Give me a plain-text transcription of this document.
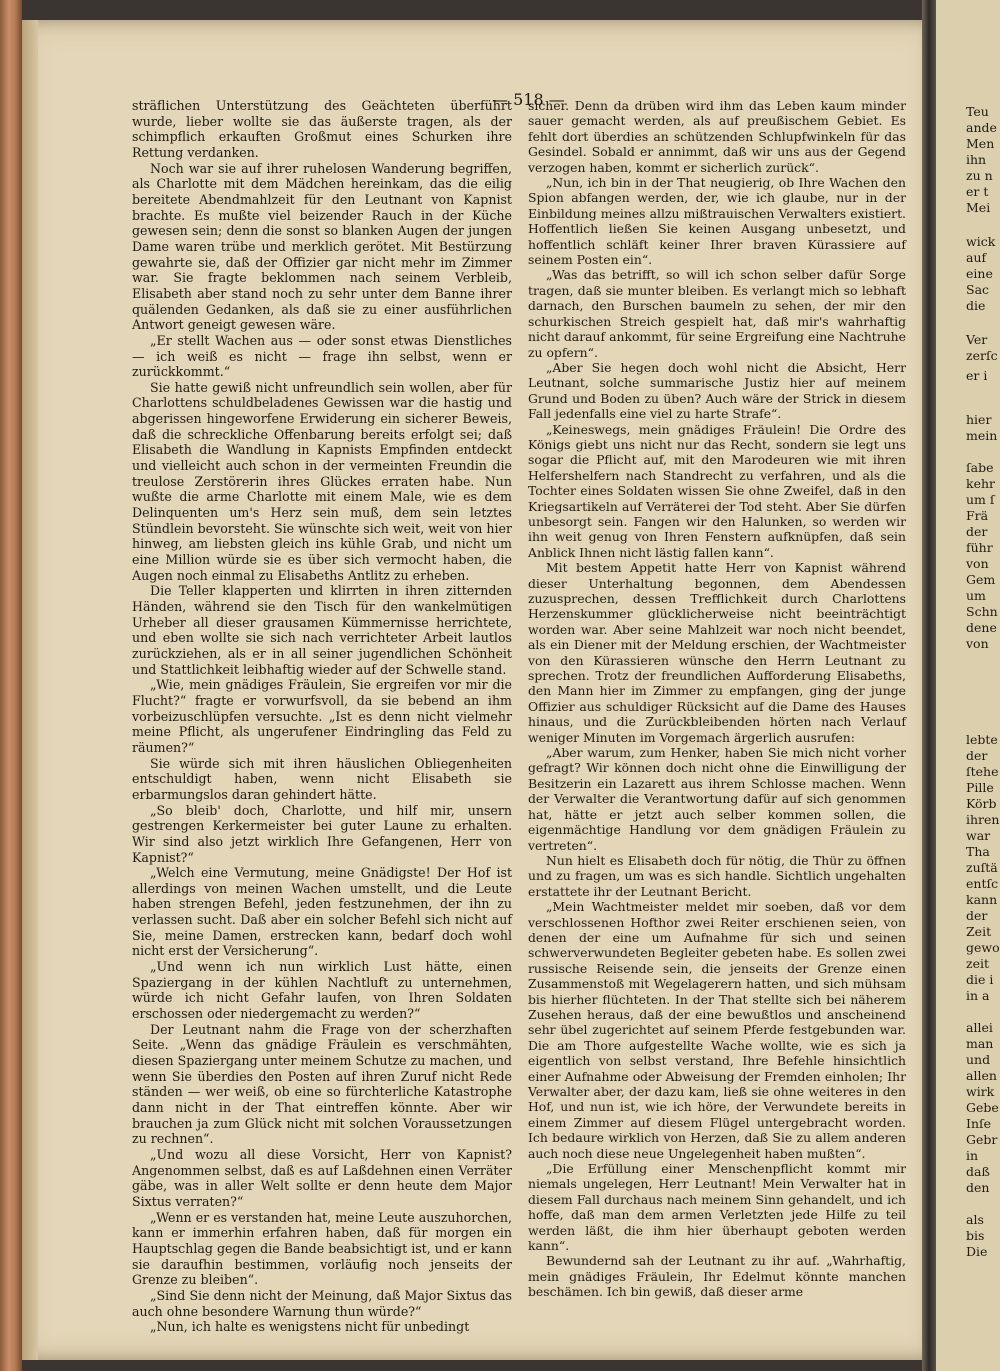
— 518 —

sträflichen Unterstützung des Geächteten überführt wurde, lieber wollte sie das äußerste tragen, als der schimpflich erkauften Großmut eines Schurken ihre Rettung verdanken.

Noch war sie auf ihrer ruhelosen Wanderung begriffen, als Charlotte mit dem Mädchen hereinkam, das die eilig bereitete Abendmahlzeit für den Leutnant von Kapnist brachte. Es mußte viel beizender Rauch in der Küche gewesen sein; denn die sonst so blanken Augen der jungen Dame waren trübe und merklich gerötet. Mit Bestürzung gewahrte sie, daß der Offizier gar nicht mehr im Zimmer war. Sie fragte beklommen nach seinem Verbleib, Elisabeth aber stand noch zu sehr unter dem Banne ihrer quälenden Gedanken, als daß sie zu einer ausführlichen Antwort geneigt gewesen wäre.

„Er stellt Wachen aus — oder sonst etwas Dienstliches — ich weiß es nicht — frage ihn selbst, wenn er zurückkommt.“

Sie hatte gewiß nicht unfreundlich sein wollen, aber für Charlottens schuldbeladenes Gewissen war die hastig und abgerissen hingeworfene Erwiderung ein sicherer Beweis, daß die schreckliche Offenbarung bereits erfolgt sei; daß Elisabeth die Wandlung in Kapnists Empfinden entdeckt und vielleicht auch schon in der vermeinten Freundin die treulose Zerstörerin ihres Glückes erraten habe. Nun wußte die arme Charlotte mit einem Male, wie es dem Delinquenten um's Herz sein muß, dem sein letztes Stündlein bevorsteht. Sie wünschte sich weit, weit von hier hinweg, am liebsten gleich ins kühle Grab, und nicht um eine Million würde sie es über sich vermocht haben, die Augen noch einmal zu Elisabeths Antlitz zu erheben.

Die Teller klapperten und klirrten in ihren zitternden Händen, während sie den Tisch für den wankelmütigen Urheber all dieser grausamen Kümmernisse herrichtete, und eben wollte sie sich nach verrichteter Arbeit lautlos zurückziehen, als er in all seiner jugendlichen Schönheit und Stattlichkeit leibhaftig wieder auf der Schwelle stand.

„Wie, mein gnädiges Fräulein, Sie ergreifen vor mir die Flucht?“ fragte er vorwurfsvoll, da sie bebend an ihm vorbeizuschlüpfen versuchte. „Ist es denn nicht vielmehr meine Pflicht, als ungerufener Eindringling das Feld zu räumen?“

Sie würde sich mit ihren häuslichen Obliegenheiten entschuldigt haben, wenn nicht Elisabeth sie erbarmungslos daran gehindert hätte.

„So bleib' doch, Charlotte, und hilf mir, unsern gestrengen Kerkermeister bei guter Laune zu erhalten. Wir sind also jetzt wirklich Ihre Gefangenen, Herr von Kapnist?“

„Welch eine Vermutung, meine Gnädigste! Der Hof ist allerdings von meinen Wachen umstellt, und die Leute haben strengen Befehl, jeden festzunehmen, der ihn zu verlassen sucht. Daß aber ein solcher Befehl sich nicht auf Sie, meine Damen, erstrecken kann, bedarf doch wohl nicht erst der Versicherung“.

„Und wenn ich nun wirklich Lust hätte, einen Spaziergang in der kühlen Nachtluft zu unternehmen, würde ich nicht Gefahr laufen, von Ihren Soldaten erschossen oder niedergemacht zu werden?“

Der Leutnant nahm die Frage von der scherzhaften Seite. „Wenn das gnädige Fräulein es verschmähten, diesen Spaziergang unter meinem Schutze zu machen, und wenn Sie überdies den Posten auf ihren Zuruf nicht Rede ständen — wer weiß, ob eine so fürchterliche Katastrophe dann nicht in der That eintreffen könnte. Aber wir brauchen ja zum Glück nicht mit solchen Voraussetzungen zu rechnen“.

„Und wozu all diese Vorsicht, Herr von Kapnist? Angenommen selbst, daß es auf Laßdehnen einen Verräter gäbe, was in aller Welt sollte er denn heute dem Major Sixtus verraten?“

„Wenn er es verstanden hat, meine Leute auszuhorchen, kann er immerhin erfahren haben, daß für morgen ein Hauptschlag gegen die Bande beabsichtigt ist, und er kann sie daraufhin bestimmen, vorläufig noch jenseits der Grenze zu bleiben“.

„Sind Sie denn nicht der Meinung, daß Major Sixtus das auch ohne besondere Warnung thun würde?“

„Nun, ich halte es wenigstens nicht für unbedingt

sicher. Denn da drüben wird ihm das Leben kaum minder sauer gemacht werden, als auf preußischem Gebiet. Es fehlt dort überdies an schützenden Schlupfwinkeln für das Gesindel. Sobald er annimmt, daß wir uns aus der Gegend verzogen haben, kommt er sicherlich zurück“.

„Nun, ich bin in der That neugierig, ob Ihre Wachen den Spion abfangen werden, der, wie ich glaube, nur in der Einbildung meines allzu mißtrauischen Verwalters existiert. Hoffentlich ließen Sie keinen Ausgang unbesetzt, und hoffentlich schläft keiner Ihrer braven Kürassiere auf seinem Posten ein“.

„Was das betrifft, so will ich schon selber dafür Sorge tragen, daß sie munter bleiben. Es verlangt mich so lebhaft darnach, den Burschen baumeln zu sehen, der mir den schurkischen Streich gespielt hat, daß mir's wahrhaftig nicht darauf ankommt, für seine Ergreifung eine Nachtruhe zu opfern“.

„Aber Sie hegen doch wohl nicht die Absicht, Herr Leutnant, solche summarische Justiz hier auf meinem Grund und Boden zu üben? Auch wäre der Strick in diesem Fall jedenfalls eine viel zu harte Strafe“.

„Keineswegs, mein gnädiges Fräulein! Die Ordre des Königs giebt uns nicht nur das Recht, sondern sie legt uns sogar die Pflicht auf, mit den Marodeuren wie mit ihren Helfershelfern nach Standrecht zu verfahren, und als die Tochter eines Soldaten wissen Sie ohne Zweifel, daß in den Kriegsartikeln auf Verräterei der Tod steht. Aber Sie dürfen unbesorgt sein. Fangen wir den Halunken, so werden wir ihn weit genug von Ihren Fenstern aufknüpfen, daß sein Anblick Ihnen nicht lästig fallen kann“.

Mit bestem Appetit hatte Herr von Kapnist während dieser Unterhaltung begonnen, dem Abendessen zuzusprechen, dessen Trefflichkeit durch Charlottens Herzenskummer glücklicherweise nicht beeinträchtigt worden war. Aber seine Mahlzeit war noch nicht beendet, als ein Diener mit der Meldung erschien, der Wachtmeister von den Kürassieren wünsche den Herrn Leutnant zu sprechen. Trotz der freundlichen Aufforderung Elisabeths, den Mann hier im Zimmer zu empfangen, ging der junge Offizier aus schuldiger Rücksicht auf die Dame des Hauses hinaus, und die Zurückbleibenden hörten nach Verlauf weniger Minuten im Vorgemach ärgerlich ausrufen:

„Aber warum, zum Henker, haben Sie mich nicht vorher gefragt? Wir können doch nicht ohne die Einwilligung der Besitzerin ein Lazarett aus ihrem Schlosse machen. Wenn der Verwalter die Verantwortung dafür auf sich genommen hat, hätte er jetzt auch selber kommen sollen, die eigenmächtige Handlung vor dem gnädigen Fräulein zu vertreten“.

Nun hielt es Elisabeth doch für nötig, die Thür zu öffnen und zu fragen, um was es sich handle. Sichtlich ungehalten erstattete ihr der Leutnant Bericht.

„Mein Wachtmeister meldet mir soeben, daß vor dem verschlossenen Hofthor zwei Reiter erschienen seien, von denen der eine um Aufnahme für sich und seinen schwerverwundeten Begleiter gebeten habe. Es sollen zwei russische Reisende sein, die jenseits der Grenze einen Zusammenstoß mit Wegelagerern hatten, und sich mühsam bis hierher flüchteten. In der That stellte sich bei näherem Zusehen heraus, daß der eine bewußtlos und anscheinend sehr übel zugerichtet auf seinem Pferde festgebunden war. Die am Thore aufgestellte Wache wollte, wie es sich ja eigentlich von selbst verstand, Ihre Befehle hinsichtlich einer Aufnahme oder Abweisung der Fremden einholen; Ihr Verwalter aber, der dazu kam, ließ sie ohne weiteres in den Hof, und nun ist, wie ich höre, der Verwundete bereits in einem Zimmer auf diesem Flügel untergebracht worden. Ich bedaure wirklich von Herzen, daß Sie zu allem anderen auch noch diese neue Ungelegenheit haben mußten“.

„Die Erfüllung einer Menschenpflicht kommt mir niemals ungelegen, Herr Leutnant! Mein Verwalter hat in diesem Fall durchaus nach meinem Sinn gehandelt, und ich hoffe, daß man dem armen Verletzten jede Hilfe zu teil werden läßt, die ihm hier überhaupt geboten werden kann“.

Bewundernd sah der Leutnant zu ihr auf. „Wahrhaftig, mein gnädiges Fräulein, Ihr Edelmut könnte manchen beschämen. Ich bin gewiß, daß dieser arme

Teu
ande
Men
ihn
zu n
er t
Mei
wick
auf
eine
Sac
die
Ver
zerſc
er i
hier
mein
ſabe
kehr
um ſ
Frä
der
führ
von
Gem
um
Schn
dene
von
lebte
der
ſtehe
Pille
Körb
ihren
war
Tha
zuſtä
entſc
kann
der
Zeit
gewo
zeit
die i
in a
allei
man
und
allen
wirk
Gebe
Inſe
Gebr
in
daß
den
als
bis
Die
